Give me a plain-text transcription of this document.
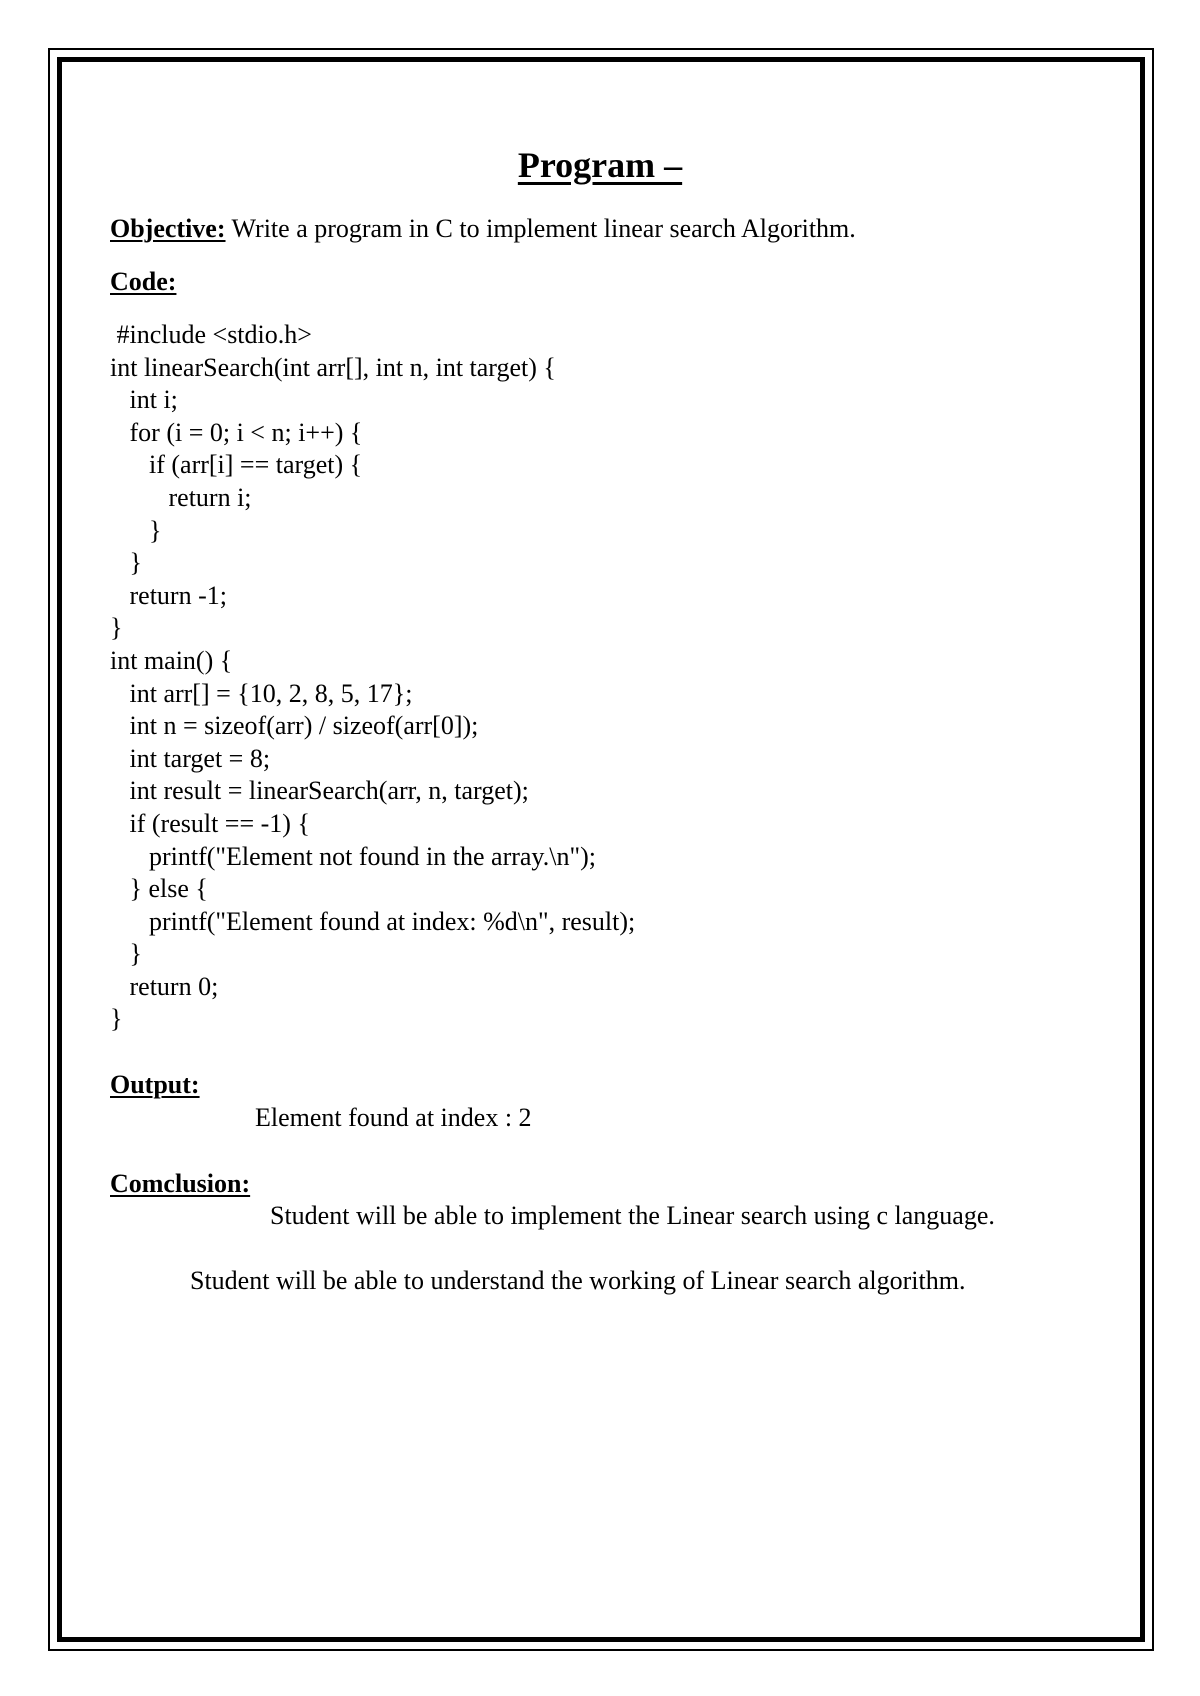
Program –
Objective: Write a program in C to implement linear search Algorithm.
Code:
#include <stdio.h>
int linearSearch(int arr[], int n, int target) {
int i;
for (i = 0; i < n; i++) {
if (arr[i] == target) {
return i;
}
}
return -1;
}
int main() {
int arr[] = {10, 2, 8, 5, 17};
int n = sizeof(arr) / sizeof(arr[0]);
int target = 8;
int result = linearSearch(arr, n, target);
if (result == -1) {
printf("Element not found in the array.\n");
} else {
printf("Element found at index: %d\n", result);
}
return 0;
}
Output:
Element found at index : 2
Comclusion:
Student will be able to implement the Linear search using c language.
Student will be able to understand the working of Linear search algorithm.
